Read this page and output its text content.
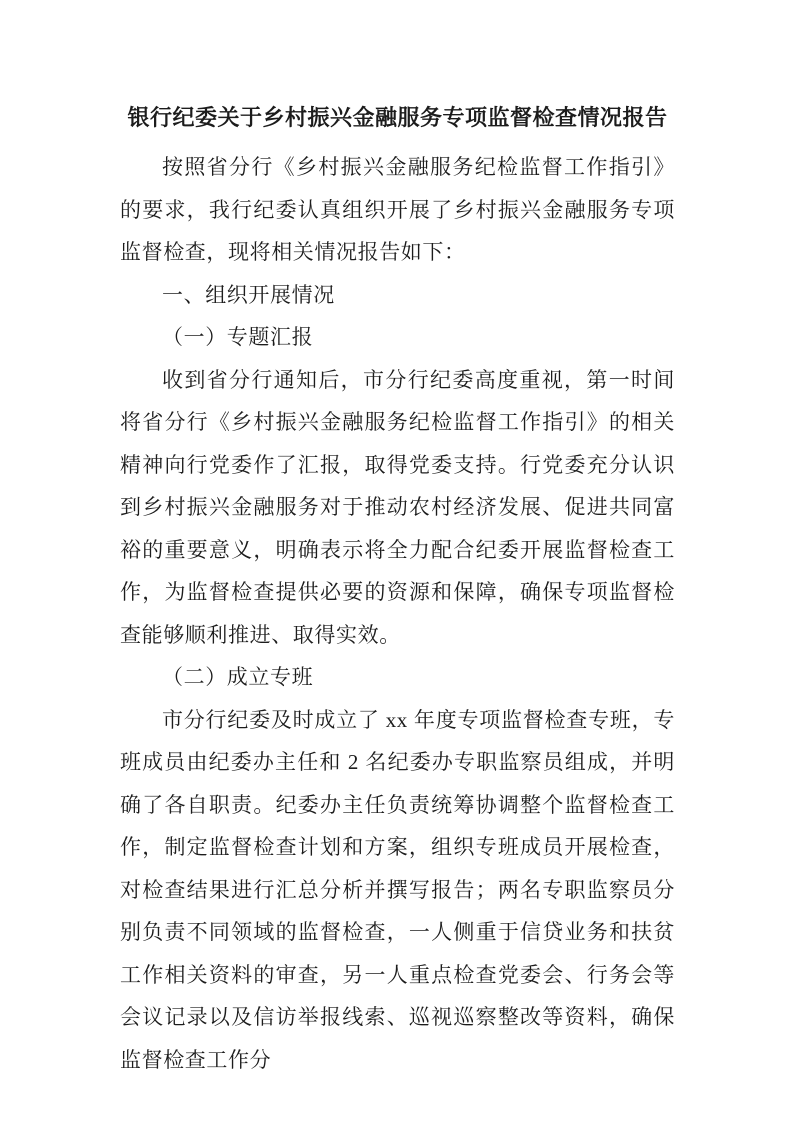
银行纪委关于乡村振兴金融服务专项监督检查情况报告

按照省分行《乡村振兴金融服务纪检监督工作指引》的要求，我行纪委认真组织开展了乡村振兴金融服务专项监督检查，现将相关情况报告如下：

一、组织开展情况

（一）专题汇报

收到省分行通知后，市分行纪委高度重视，第一时间将省分行《乡村振兴金融服务纪检监督工作指引》的相关精神向行党委作了汇报，取得党委支持。行党委充分认识到乡村振兴金融服务对于推动农村经济发展、促进共同富裕的重要意义，明确表示将全力配合纪委开展监督检查工作，为监督检查提供必要的资源和保障，确保专项监督检查能够顺利推进、取得实效。

（二）成立专班

市分行纪委及时成立了 xx 年度专项监督检查专班，专班成员由纪委办主任和 2 名纪委办专职监察员组成，并明确了各自职责。纪委办主任负责统筹协调整个监督检查工作，制定监督检查计划和方案，组织专班成员开展检查，对检查结果进行汇总分析并撰写报告；两名专职监察员分别负责不同领域的监督检查，一人侧重于信贷业务和扶贫工作相关资料的审查，另一人重点检查党委会、行务会等会议记录以及信访举报线索、巡视巡察整改等资料，确保监督检查工作分
